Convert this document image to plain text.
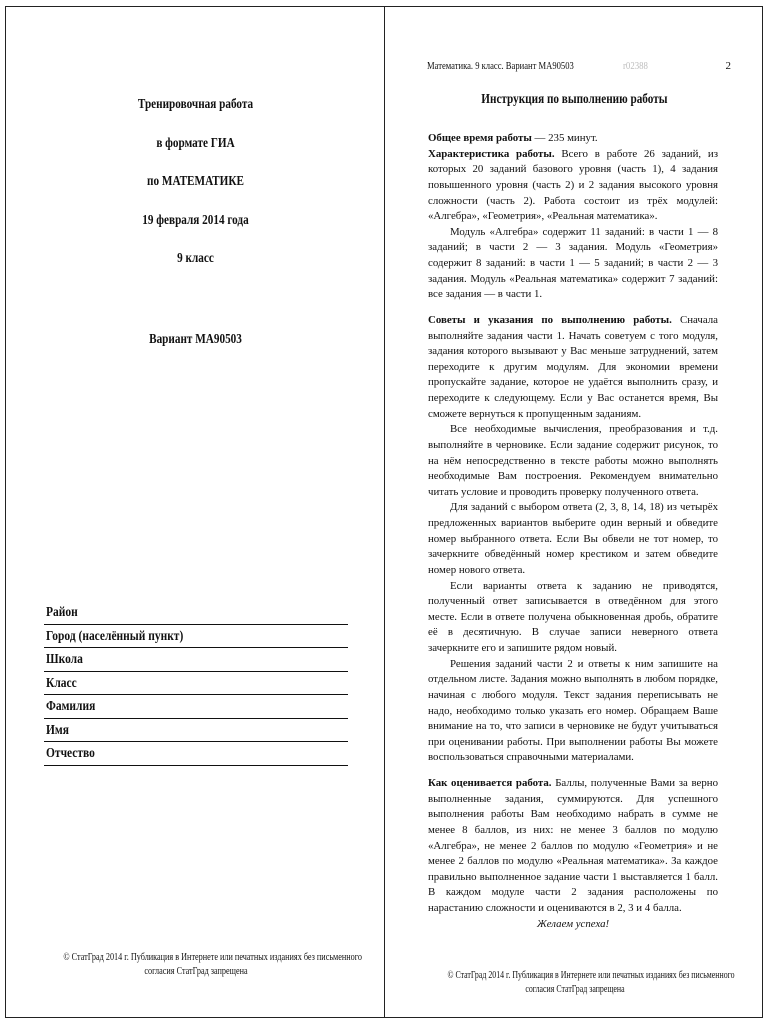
Тренировочная работа
в формате ГИА
по МАТЕМАТИКЕ
19 февраля 2014 года
9 класс
Вариант МА90503
Район
Город (населённый пункт)
Школа
Класс
Фамилия
Имя
Отчество
© СтатГрад 2014 г. Публикация в Интернете или печатных изданиях без письменного
согласия СтатГрад запрещена
Математика. 9 класс. Вариант МА90503	r02388	2
Инструкция по выполнению работы

Общее время работы — 235 минут.

Характеристика работы. Всего в работе 26 заданий, из которых 20 заданий базового уровня (часть 1), 4 задания повышенного уровня (часть 2) и 2 задания высокого уровня сложности (часть 2). Работа состоит из трёх модулей: «Алгебра», «Геометрия», «Реальная математика».

Модуль «Алгебра» содержит 11 заданий: в части 1 — 8 заданий; в части 2 — 3 задания. Модуль «Геометрия» содержит 8 заданий: в части 1 — 5 заданий; в части 2 — 3 задания. Модуль «Реальная математика» содержит 7 заданий: все задания — в части 1.

Советы и указания по выполнению работы. Сначала выполняйте задания части 1. Начать советуем с того модуля, задания которого вызывают у Вас меньше затруднений, затем переходите к другим модулям. Для экономии времени пропускайте задание, которое не удаётся выполнить сразу, и переходите к следующему. Если у Вас останется время, Вы сможете вернуться к пропущенным заданиям.

Все необходимые вычисления, преобразования и т.д. выполняйте в черновике. Если задание содержит рисунок, то на нём непосредственно в тексте работы можно выполнять необходимые Вам построения. Рекомендуем внимательно читать условие и проводить проверку полученного ответа.

Для заданий с выбором ответа (2, 3, 8, 14, 18) из четырёх предложенных вариантов выберите один верный и обведите номер выбранного ответа. Если Вы обвели не тот номер, то зачеркните обведённый номер крестиком и затем обведите номер нового ответа.

Если варианты ответа к заданию не приводятся, полученный ответ записывается в отведённом для этого месте. Если в ответе получена обыкновенная дробь, обратите её в десятичную. В случае записи неверного ответа зачеркните его и запишите рядом новый.

Решения заданий части 2 и ответы к ним запишите на отдельном листе. Задания можно выполнять в любом порядке, начиная с любого модуля. Текст задания переписывать не надо, необходимо только указать его номер. Обращаем Ваше внимание на то, что записи в черновике не будут учитываться при оценивании работы. При выполнении работы Вы можете воспользоваться справочными материалами.

Как оценивается работа. Баллы, полученные Вами за верно выполненные задания, суммируются. Для успешного выполнения работы Вам необходимо набрать в сумме не менее 8 баллов, из них: не менее 3 баллов по модулю «Алгебра», не менее 2 баллов по модулю «Геометрия» и не менее 2 баллов по модулю «Реальная математика». За каждое правильно выполненное задание части 1 выставляется 1 балл. В каждом модуле части 2 задания расположены по нарастанию сложности и оцениваются в 2, 3 и 4 балла.

Желаем успеха!

© СтатГрад 2014 г. Публикация в Интернете или печатных изданиях без письменного
согласия СтатГрад запрещена
